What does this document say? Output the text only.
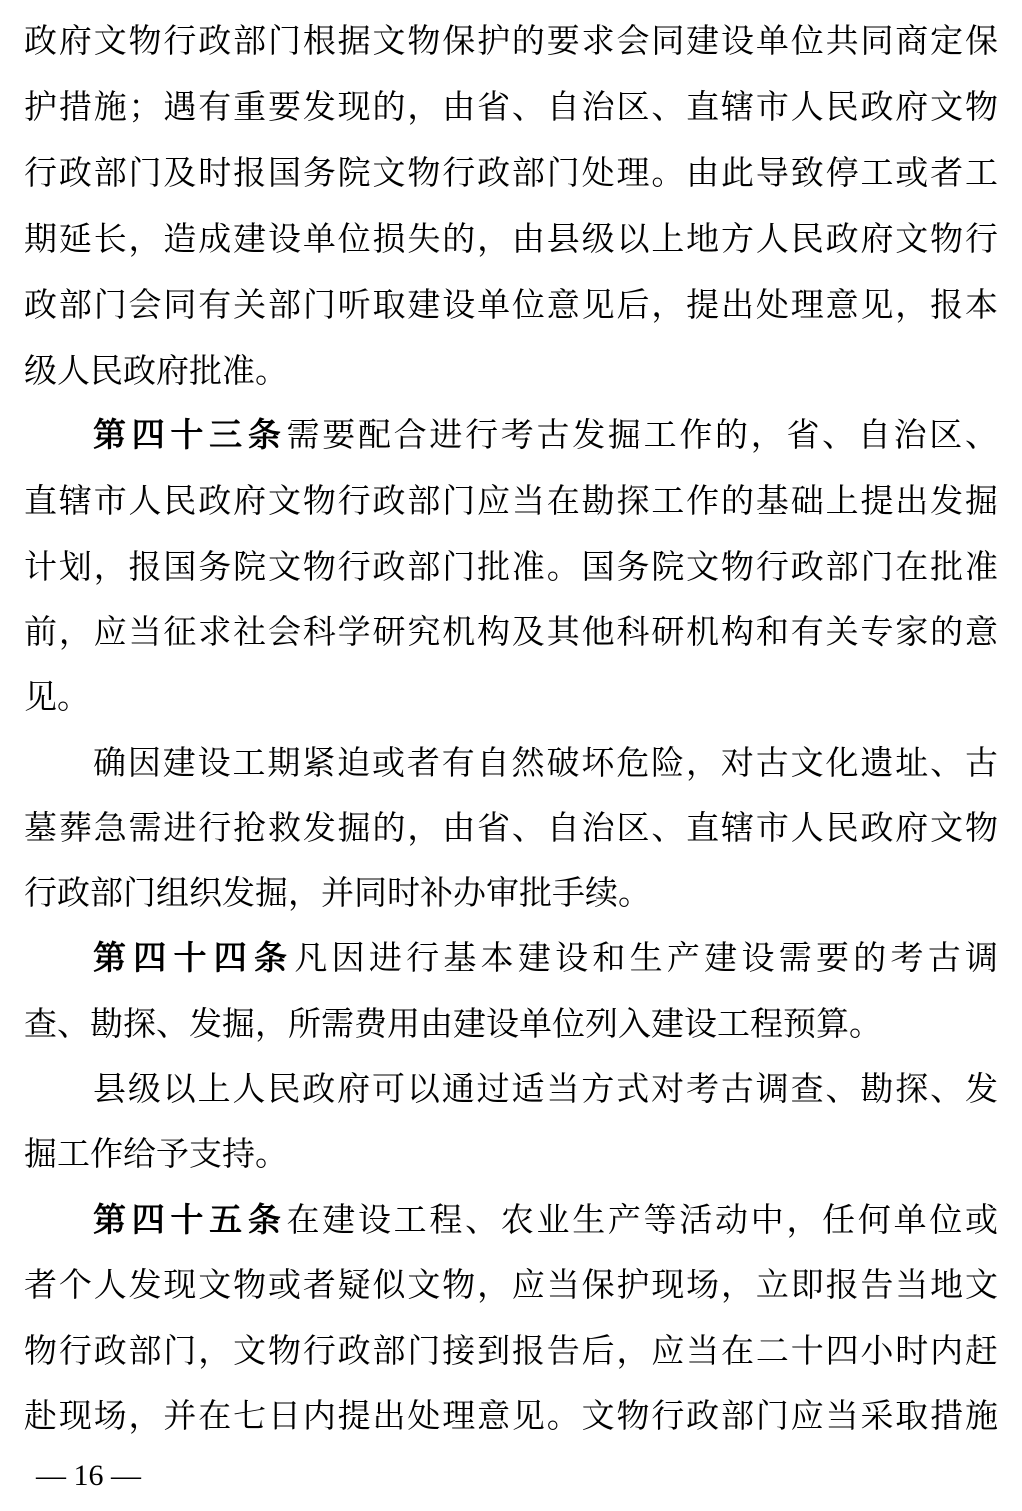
政府文物行政部门根据文物保护的要求会同建设单位共同商定保
护措施；遇有重要发现的，由省、自治区、直辖市人民政府文物
行政部门及时报国务院文物行政部门处理。由此导致停工或者工
期延长，造成建设单位损失的，由县级以上地方人民政府文物行
政部门会同有关部门听取建设单位意见后，提出处理意见，报本
级人民政府批准。
第四十三条需要配合进行考古发掘工作的，省、自治区、
直辖市人民政府文物行政部门应当在勘探工作的基础上提出发掘
计划，报国务院文物行政部门批准。国务院文物行政部门在批准
前，应当征求社会科学研究机构及其他科研机构和有关专家的意
见。
确因建设工期紧迫或者有自然破坏危险，对古文化遗址、古
墓葬急需进行抢救发掘的，由省、自治区、直辖市人民政府文物
行政部门组织发掘，并同时补办审批手续。
第四十四条凡因进行基本建设和生产建设需要的考古调
查、勘探、发掘，所需费用由建设单位列入建设工程预算。
县级以上人民政府可以通过适当方式对考古调查、勘探、发
掘工作给予支持。
第四十五条在建设工程、农业生产等活动中，任何单位或
者个人发现文物或者疑似文物，应当保护现场，立即报告当地文
物行政部门，文物行政部门接到报告后，应当在二十四小时内赶
赴现场，并在七日内提出处理意见。文物行政部门应当采取措施
— 16 —
